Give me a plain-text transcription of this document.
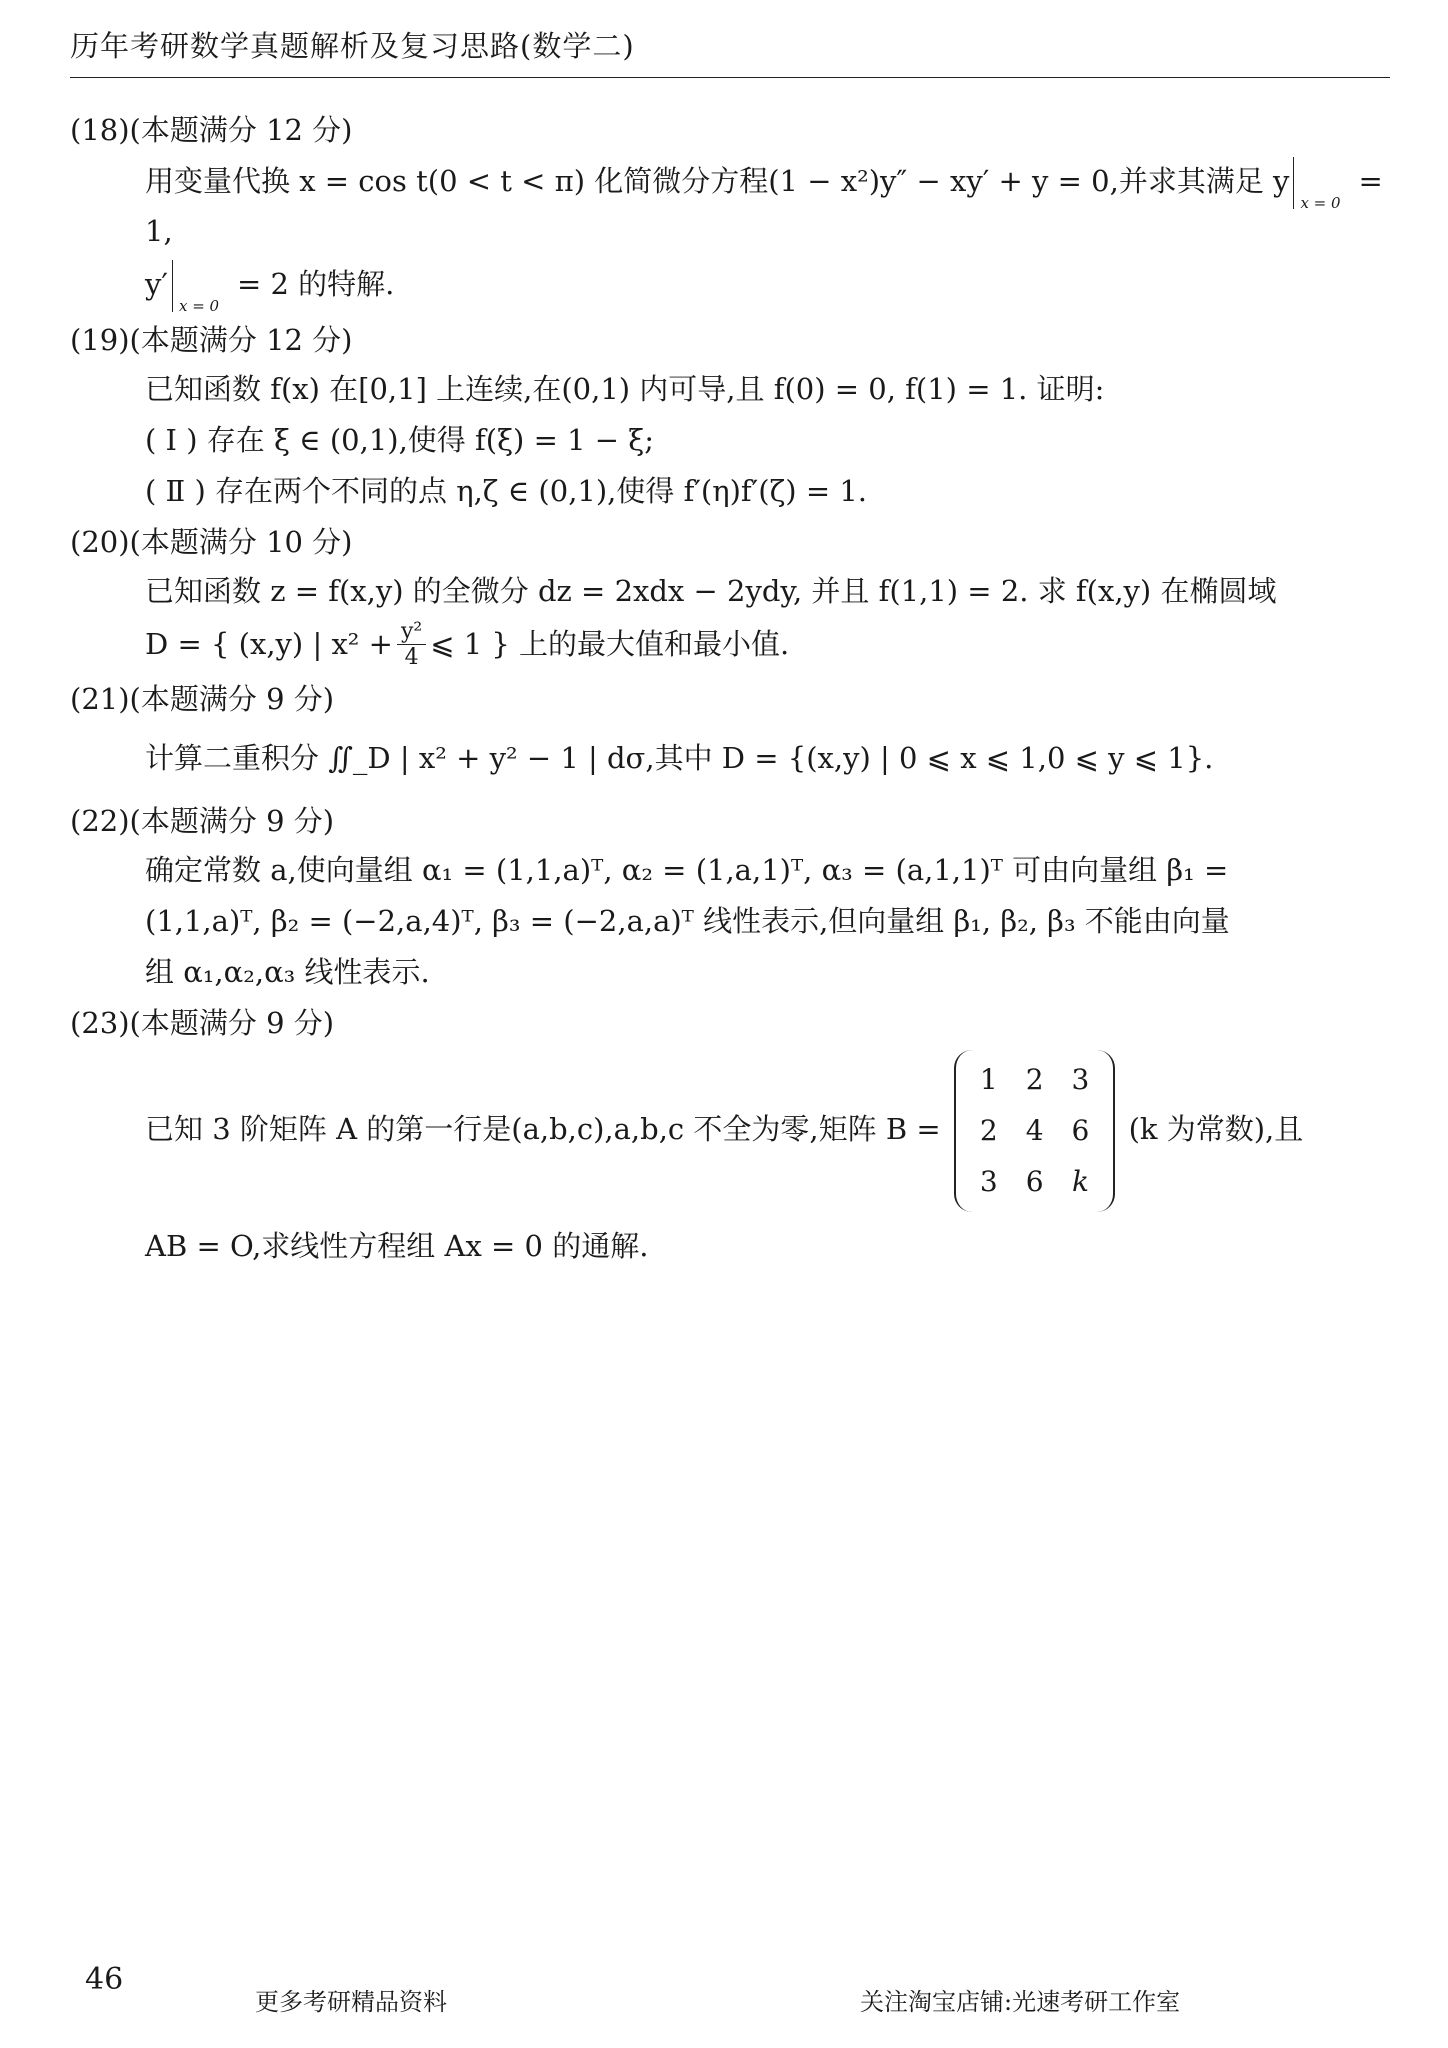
历年考研数学真题解析及复习思路(数学二)
(18)(本题满分 12 分)
用变量代换 x = cos t(0 < t < π) 化简微分方程(1 − x²)y″ − xy′ + y = 0,并求其满足 y
x = 0
= 1,
y′
x = 0
= 2 的特解.
(19)(本题满分 12 分)
已知函数 f(x) 在[0,1] 上连续,在(0,1) 内可导,且 f(0) = 0, f(1) = 1. 证明:
( Ⅰ ) 存在 ξ ∈ (0,1),使得 f(ξ) = 1 − ξ;
( Ⅱ ) 存在两个不同的点 η,ζ ∈ (0,1),使得 f′(η)f′(ζ) = 1.
(20)(本题满分 10 分)
已知函数 z = f(x,y) 的全微分 dz = 2xdx − 2ydy, 并且 f(1,1) = 2. 求 f(x,y) 在椭圆域
D = { (x,y) | $x^2 + \frac{\text{y²}}{4}$ ⩽ 1 } 上的最大值和最小值.
(21)(本题满分 9 分)
计算二重积分 ∬_D | x² + y² − 1 | dσ,其中 D = {(x,y) | 0 ⩽ x ⩽ 1,0 ⩽ y ⩽ 1}.
(22)(本题满分 9 分)
确定常数 a,使向量组 α₁ = (1,1,a)ᵀ, α₂ = (1,a,1)ᵀ, α₃ = (a,1,1)ᵀ 可由向量组 β₁ =
(1,1,a)ᵀ, β₂ = (−2,a,4)ᵀ, β₃ = (−2,a,a)ᵀ 线性表示,但向量组 β₁, β₂, β₃ 不能由向量
组 α₁,α₂,α₃ 线性表示.
(23)(本题满分 9 分)
已知 3 阶矩阵 A 的第一行是(a,b,c),a,b,c 不全为零,矩阵 B =
1	2	3
2	4	6
3	6	k
(k 为常数),且
AB = O,求线性方程组 Ax = 0 的通解.
46
更多考研精品资料	关注淘宝店铺:光速考研工作室
